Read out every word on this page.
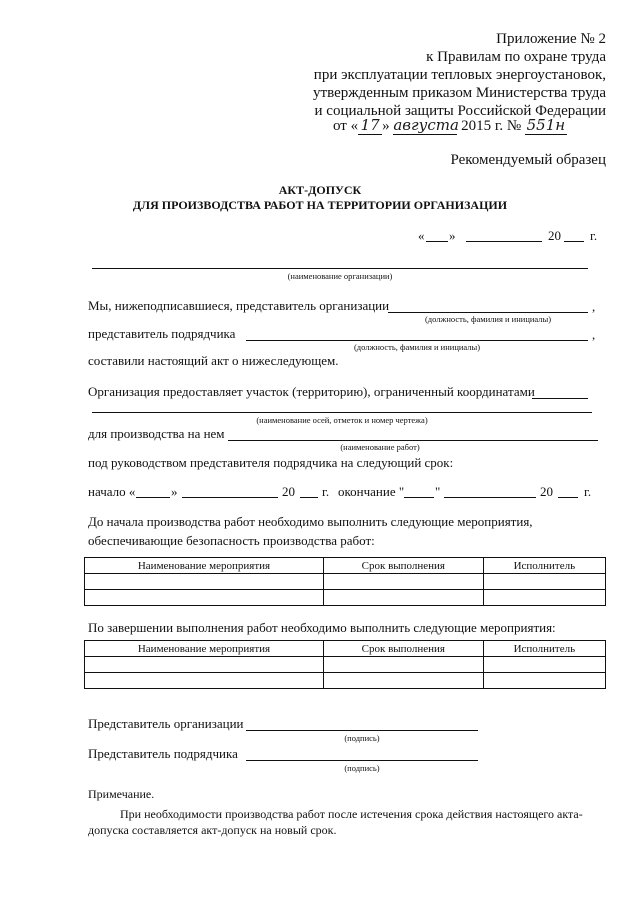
Приложение № 2
к Правилам по охране труда
при эксплуатации тепловых энергоустановок,
утвержденным приказом Министерства труда
и социальной защиты Российской Федерации
от « 17 » августа 2015 г. № 551н
Рекомендуемый образец
АКТ-ДОПУСК
ДЛЯ ПРОИЗВОДСТВА РАБОТ НА ТЕРРИТОРИИ ОРГАНИЗАЦИИ
« »	20 г.
(наименование организации)
Мы, нижеподписавшиеся, представитель организации	,
(должность, фамилия и инициалы)
представитель подрядчика	,
(должность, фамилия и инициалы)
составили настоящий акт о нижеследующем.
Организация предоставляет участок (территорию), ограниченный координатами
(наименование осей, отметок и номер чертежа)
для производства на нем
(наименование работ)
под руководством представителя подрядчика на следующий срок:
начало «	»	20 г. окончание " "	20 г.
До начала производства работ необходимо выполнить следующие мероприятия,
обеспечивающие безопасность производства работ:
Наименование мероприятия	Срок выполнения	Исполнитель

По завершении выполнения работ необходимо выполнить следующие мероприятия:
Наименование мероприятия	Срок выполнения	Исполнитель

Представитель организации
(подпись)
Представитель подрядчика
(подпись)
Примечание.
При необходимости производства работ после истечения срока действия настоящего акта-
допуска составляется акт-допуск на новый срок.
